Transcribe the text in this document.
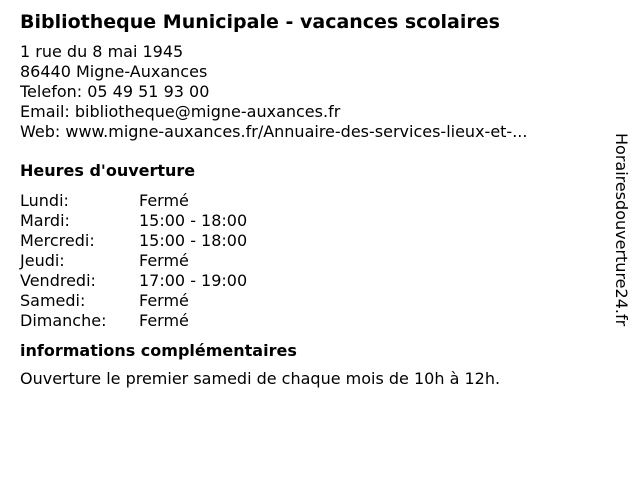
Bibliotheque Municipale - vacances scolaires
1 rue du 8 mai 1945
86440 Migne-Auxances
Telefon: 05 49 51 93 00
Email: bibliotheque@migne-auxances.fr
Web: www.migne-auxances.fr/Annuaire-des-services-lieux-et-...
Heures d'ouverture
Lundi:	Fermé
Mardi:	15:00 - 18:00
Mercredi:	15:00 - 18:00
Jeudi:	Fermé
Vendredi:	17:00 - 19:00
Samedi:	Fermé
Dimanche:	Fermé
informations complémentaires
Ouverture le premier samedi de chaque mois de 10h à 12h.
Horairesdouverture24.fr
